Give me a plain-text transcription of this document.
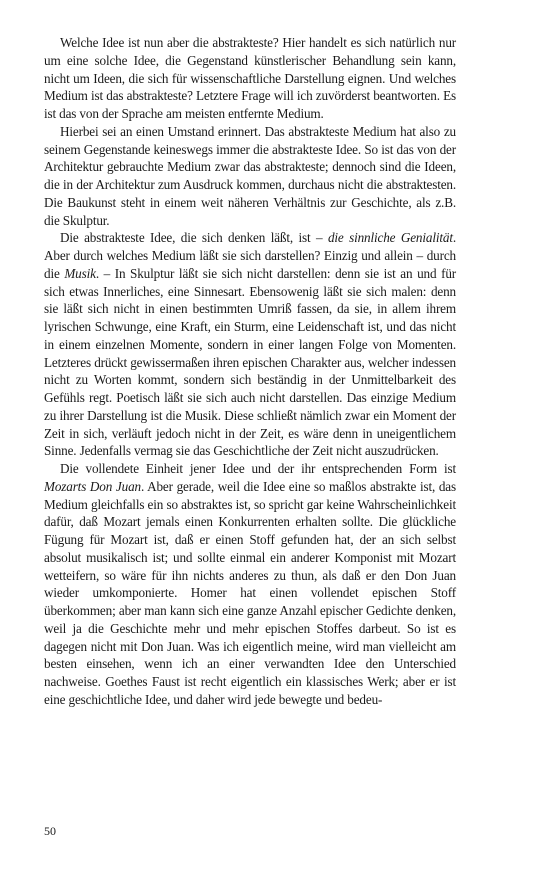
Welche Idee ist nun aber die abstrakteste? Hier handelt es sich natürlich nur um eine solche Idee, die Gegenstand künstlerischer Behandlung sein kann, nicht um Ideen, die sich für wissenschaftliche Darstellung eignen. Und welches Medium ist das abstrakteste? Letztere Frage will ich zuvörderst beantworten. Es ist das von der Sprache am meisten entfernte Medium.

Hierbei sei an einen Umstand erinnert. Das abstrakteste Medium hat also zu seinem Gegenstande keineswegs immer die abstrakteste Idee. So ist das von der Architektur gebrauchte Medium zwar das abstrakteste; dennoch sind die Ideen, die in der Architektur zum Ausdruck kommen, durchaus nicht die abstraktesten. Die Baukunst steht in einem weit näheren Verhältnis zur Geschichte, als z.B. die Skulptur.

Die abstrakteste Idee, die sich denken läßt, ist – die sinnliche Genialität. Aber durch welches Medium läßt sie sich darstellen? Einzig und allein – durch die Musik. – In Skulptur läßt sie sich nicht darstellen: denn sie ist an und für sich etwas Innerliches, eine Sinnesart. Ebensowenig läßt sie sich malen: denn sie läßt sich nicht in einen bestimmten Umriß fassen, da sie, in allem ihrem lyrischen Schwunge, eine Kraft, ein Sturm, eine Leidenschaft ist, und das nicht in einem einzelnen Momente, sondern in einer langen Folge von Momenten. Letzteres drückt gewissermaßen ihren epischen Charakter aus, welcher indessen nicht zu Worten kommt, sondern sich beständig in der Unmittelbarkeit des Gefühls regt. Poetisch läßt sie sich auch nicht darstellen. Das einzige Medium zu ihrer Darstellung ist die Musik. Diese schließt nämlich zwar ein Moment der Zeit in sich, verläuft jedoch nicht in der Zeit, es wäre denn in uneigentlichem Sinne. Jedenfalls vermag sie das Geschichtliche der Zeit nicht auszudrücken.

Die vollendete Einheit jener Idee und der ihr entsprechenden Form ist Mozarts Don Juan. Aber gerade, weil die Idee eine so maßlos abstrakte ist, das Medium gleichfalls ein so abstraktes ist, so spricht gar keine Wahrscheinlichkeit dafür, daß Mozart jemals einen Konkurrenten erhalten sollte. Die glückliche Fügung für Mozart ist, daß er einen Stoff gefunden hat, der an sich selbst absolut musikalisch ist; und sollte einmal ein anderer Komponist mit Mozart wetteifern, so wäre für ihn nichts anderes zu thun, als daß er den Don Juan wieder umkomponierte. Homer hat einen vollendet epischen Stoff überkommen; aber man kann sich eine ganze Anzahl epischer Gedichte denken, weil ja die Geschichte mehr und mehr epischen Stoffes darbeut. So ist es dagegen nicht mit Don Juan. Was ich eigentlich meine, wird man vielleicht am besten einsehen, wenn ich an einer verwandten Idee den Unterschied nachweise. Goethes Faust ist recht eigentlich ein klassisches Werk; aber er ist eine geschichtliche Idee, und daher wird jede bewegte und bedeu-

50
